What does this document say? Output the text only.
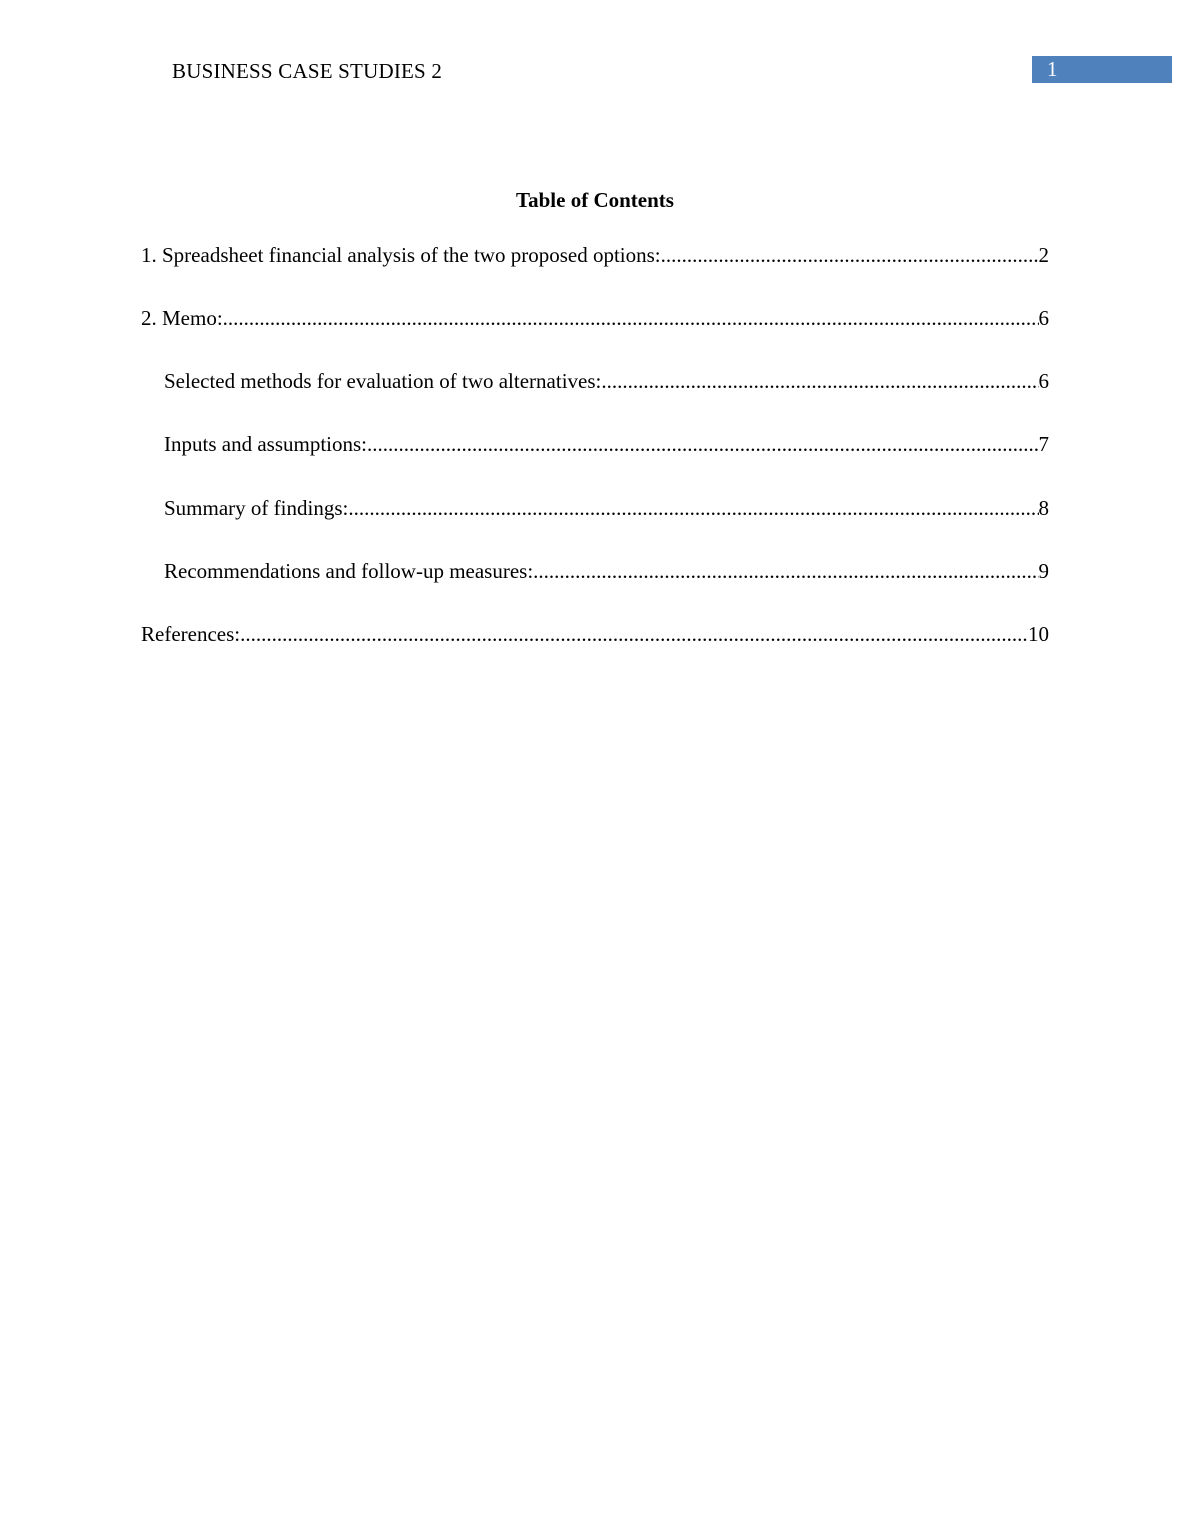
BUSINESS CASE STUDIES 2	1
Table of Contents
1. Spreadsheet financial analysis of the two proposed options: .....	2
2. Memo: .....	6
Selected methods for evaluation of two alternatives: .....	6
Inputs and assumptions: .....	7
Summary of findings: .....	8
Recommendations and follow-up measures: .....	9
References: .....	10
